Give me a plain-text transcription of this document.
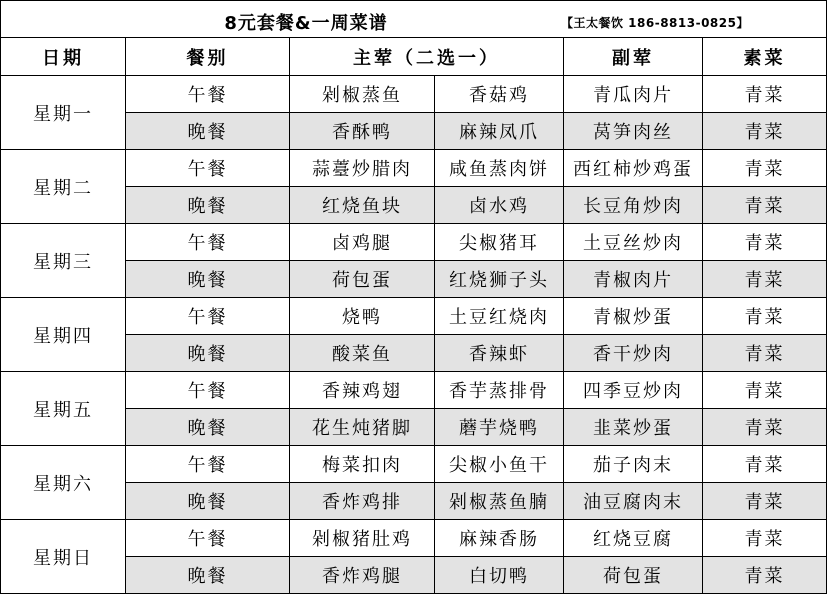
8元套餐&一周菜谱 【王太餐饮 186-8813-0825】					

日期	餐别	主荤（二选一）		副荤	素菜
星期一	午餐	剁椒蒸鱼	香菇鸡	青瓜肉片	青菜
	晚餐	香酥鸭	麻辣凤爪	莴笋肉丝	青菜
星期二	午餐	蒜薹炒腊肉	咸鱼蒸肉饼	西红柿炒鸡蛋	青菜
	晚餐	红烧鱼块	卤水鸡	长豆角炒肉	青菜
星期三	午餐	卤鸡腿	尖椒猪耳	土豆丝炒肉	青菜
	晚餐	荷包蛋	红烧狮子头	青椒肉片	青菜
星期四	午餐	烧鸭	土豆红烧肉	青椒炒蛋	青菜
	晚餐	酸菜鱼	香辣虾	香干炒肉	青菜
星期五	午餐	香辣鸡翅	香芋蒸排骨	四季豆炒肉	青菜
	晚餐	花生炖猪脚	蘑芋烧鸭	韭菜炒蛋	青菜
星期六	午餐	梅菜扣肉	尖椒小鱼干	茄子肉末	青菜
	晚餐	香炸鸡排	剁椒蒸鱼腩	油豆腐肉末	青菜
星期日	午餐	剁椒猪肚鸡	麻辣香肠	红烧豆腐	青菜
	晚餐	香炸鸡腿	白切鸭	荷包蛋	青菜
